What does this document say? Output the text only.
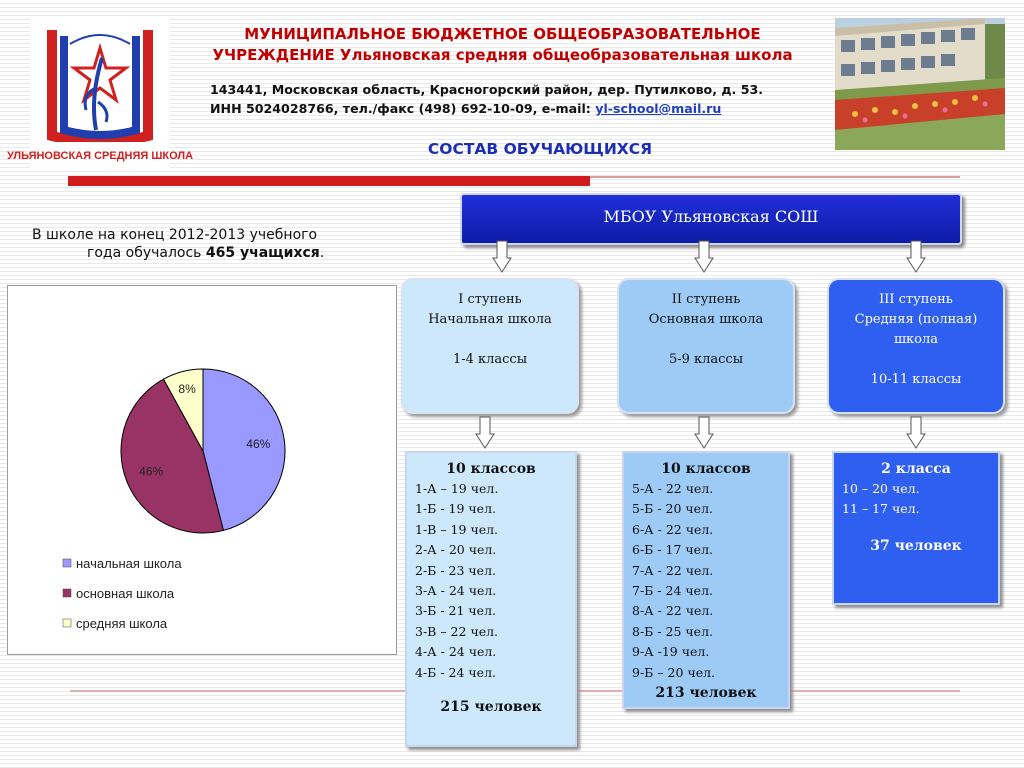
УЛЬЯНОВСКАЯ СРЕДНЯЯ ШКОЛА
МУНИЦИПАЛЬНОЕ БЮДЖЕТНОЕ ОБЩЕОБРАЗОВАТЕЛЬНОЕ
УЧРЕЖДЕНИЕ Ульяновская средняя общеобразовательная школа
143441, Московская область, Красногорский район, дер. Путилково, д. 53.
ИНН 5024028766, тел./факс (498) 692-10-09, e-mail: yl-school@mail.ru
СОСТАВ ОБУЧАЮЩИХСЯ
В школе на конец 2012-2013 учебного
года обучалось 465 учащихся.
46%
46%
8%
начальная школа
основная школа
средняя школа
МБОУ Ульяновская СОШ
I ступень
Начальная школа
1-4 классы
II ступень
Основная школа
5-9 классы
III ступень
Средняя (полная) школа
10-11 классы
10 классов
1-А – 19 чел.
1-Б - 19 чел.
1-В – 19 чел.
2-А - 20 чел.
2-Б - 23 чел.
3-А - 24 чел.
3-Б - 21 чел.
3-В – 22 чел.
4-А - 24 чел.
4-Б - 24 чел.
215 человек
10 классов
5-А - 22 чел.
5-Б - 20 чел.
6-А - 22 чел.
6-Б - 17 чел.
7-А - 22 чел.
7-Б - 24 чел.
8-А - 22 чел.
8-Б - 25 чел.
9-А -19 чел.
9-Б – 20 чел.
213 человек
2 класса
10 – 20 чел.
11 – 17 чел.
37 человек
